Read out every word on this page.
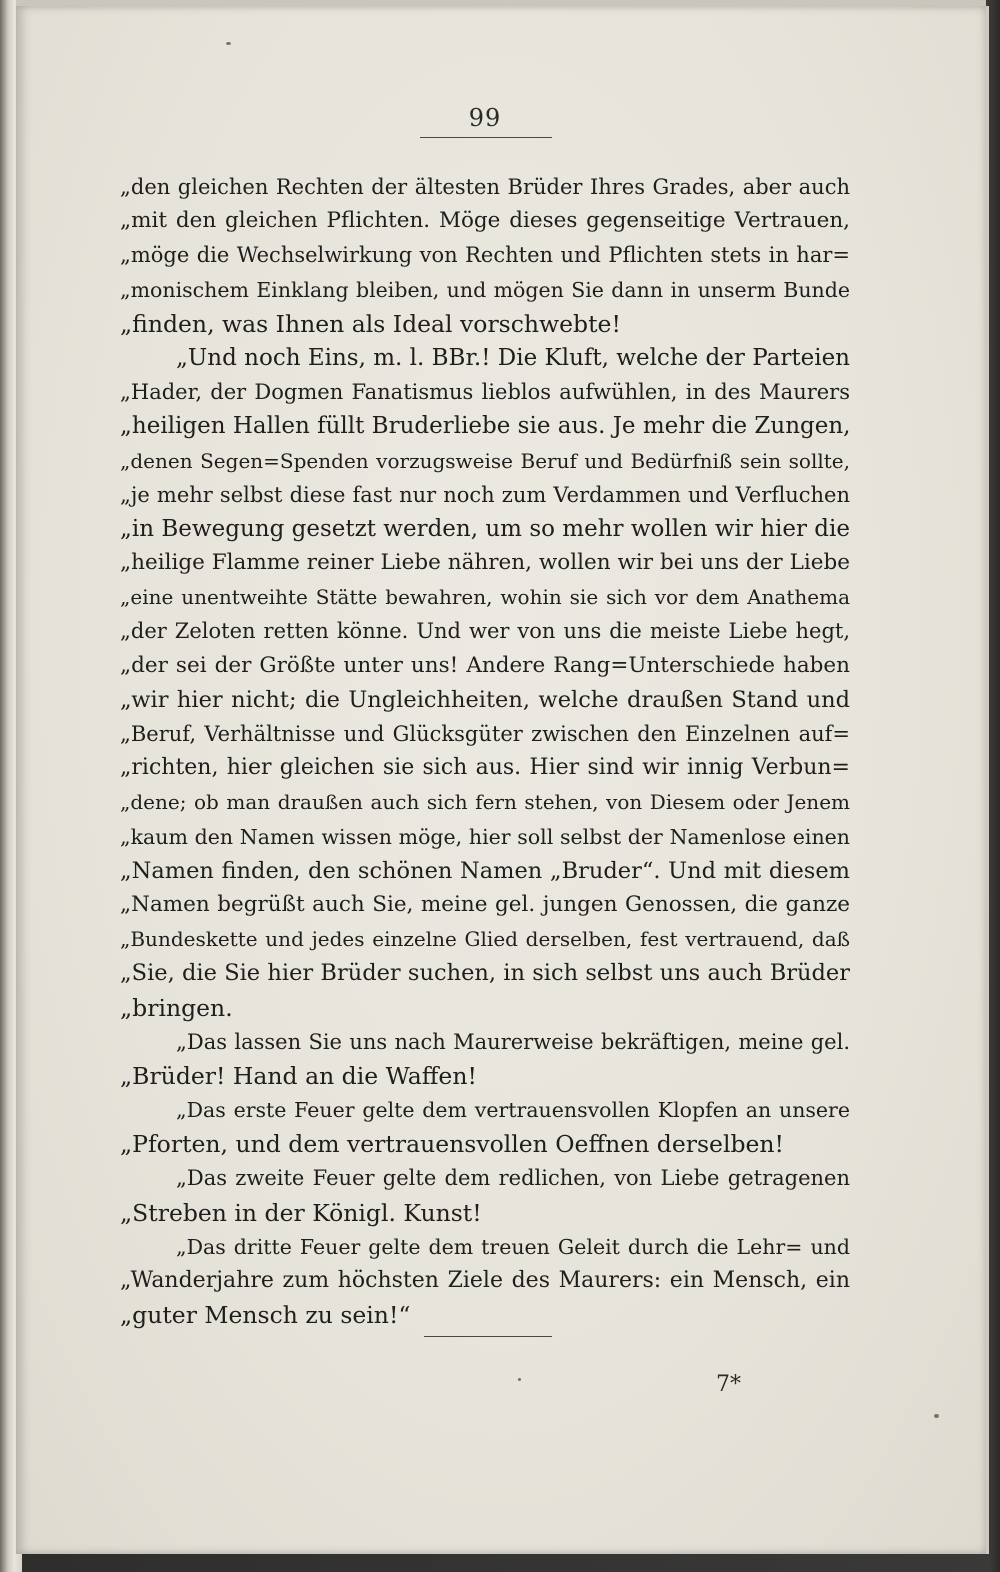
99
„den gleichen Rechten der ältesten Brüder Ihres Grades, aber auch
„mit den gleichen Pflichten. Möge dieses gegenseitige Vertrauen,
„möge die Wechselwirkung von Rechten und Pflichten stets in har=
„monischem Einklang bleiben, und mögen Sie dann in unserm Bunde
„finden, was Ihnen als Ideal vorschwebte!
„Und noch Eins, m. l. BBr.! Die Kluft, welche der Parteien
„Hader, der Dogmen Fanatismus lieblos aufwühlen, in des Maurers
„heiligen Hallen füllt Bruderliebe sie aus. Je mehr die Zungen,
„denen Segen=Spenden vorzugsweise Beruf und Bedürfniß sein sollte,
„je mehr selbst diese fast nur noch zum Verdammen und Verfluchen
„in Bewegung gesetzt werden, um so mehr wollen wir hier die
„heilige Flamme reiner Liebe nähren, wollen wir bei uns der Liebe
„eine unentweihte Stätte bewahren, wohin sie sich vor dem Anathema
„der Zeloten retten könne. Und wer von uns die meiste Liebe hegt,
„der sei der Größte unter uns! Andere Rang=Unterschiede haben
„wir hier nicht; die Ungleichheiten, welche draußen Stand und
„Beruf, Verhältnisse und Glücksgüter zwischen den Einzelnen auf=
„richten, hier gleichen sie sich aus. Hier sind wir innig Verbun=
„dene; ob man draußen auch sich fern stehen, von Diesem oder Jenem
„kaum den Namen wissen möge, hier soll selbst der Namenlose einen
„Namen finden, den schönen Namen „Bruder“. Und mit diesem
„Namen begrüßt auch Sie, meine gel. jungen Genossen, die ganze
„Bundeskette und jedes einzelne Glied derselben, fest vertrauend, daß
„Sie, die Sie hier Brüder suchen, in sich selbst uns auch Brüder
„bringen.
„Das lassen Sie uns nach Maurerweise bekräftigen, meine gel.
„Brüder! Hand an die Waffen!
„Das erste Feuer gelte dem vertrauensvollen Klopfen an unsere
„Pforten, und dem vertrauensvollen Oeffnen derselben!
„Das zweite Feuer gelte dem redlichen, von Liebe getragenen
„Streben in der Königl. Kunst!
„Das dritte Feuer gelte dem treuen Geleit durch die Lehr= und
„Wanderjahre zum höchsten Ziele des Maurers: ein Mensch, ein
„guter Mensch zu sein!“
7*
